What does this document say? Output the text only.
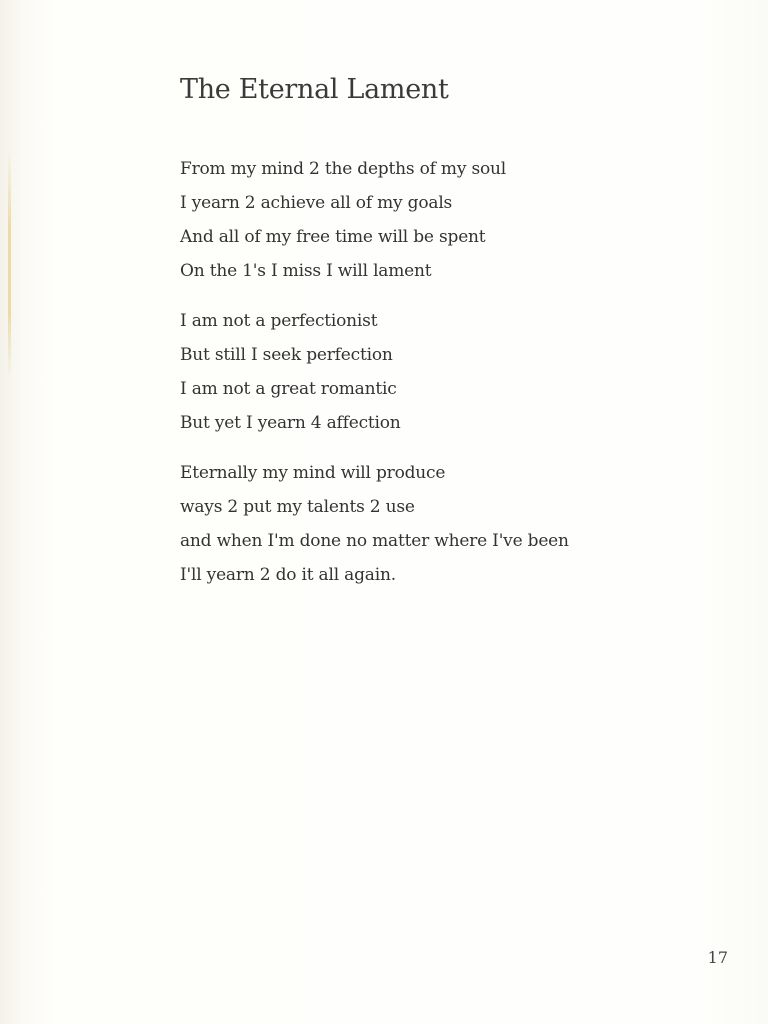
The Eternal Lament
From my mind 2 the depths of my soul
I yearn 2 achieve all of my goals
And all of my free time will be spent
On the 1's I miss I will lament
I am not a perfectionist
But still I seek perfection
I am not a great romantic
But yet I yearn 4 affection
Eternally my mind will produce
ways 2 put my talents 2 use
and when I'm done no matter where I've been
I'll yearn 2 do it all again.
17
